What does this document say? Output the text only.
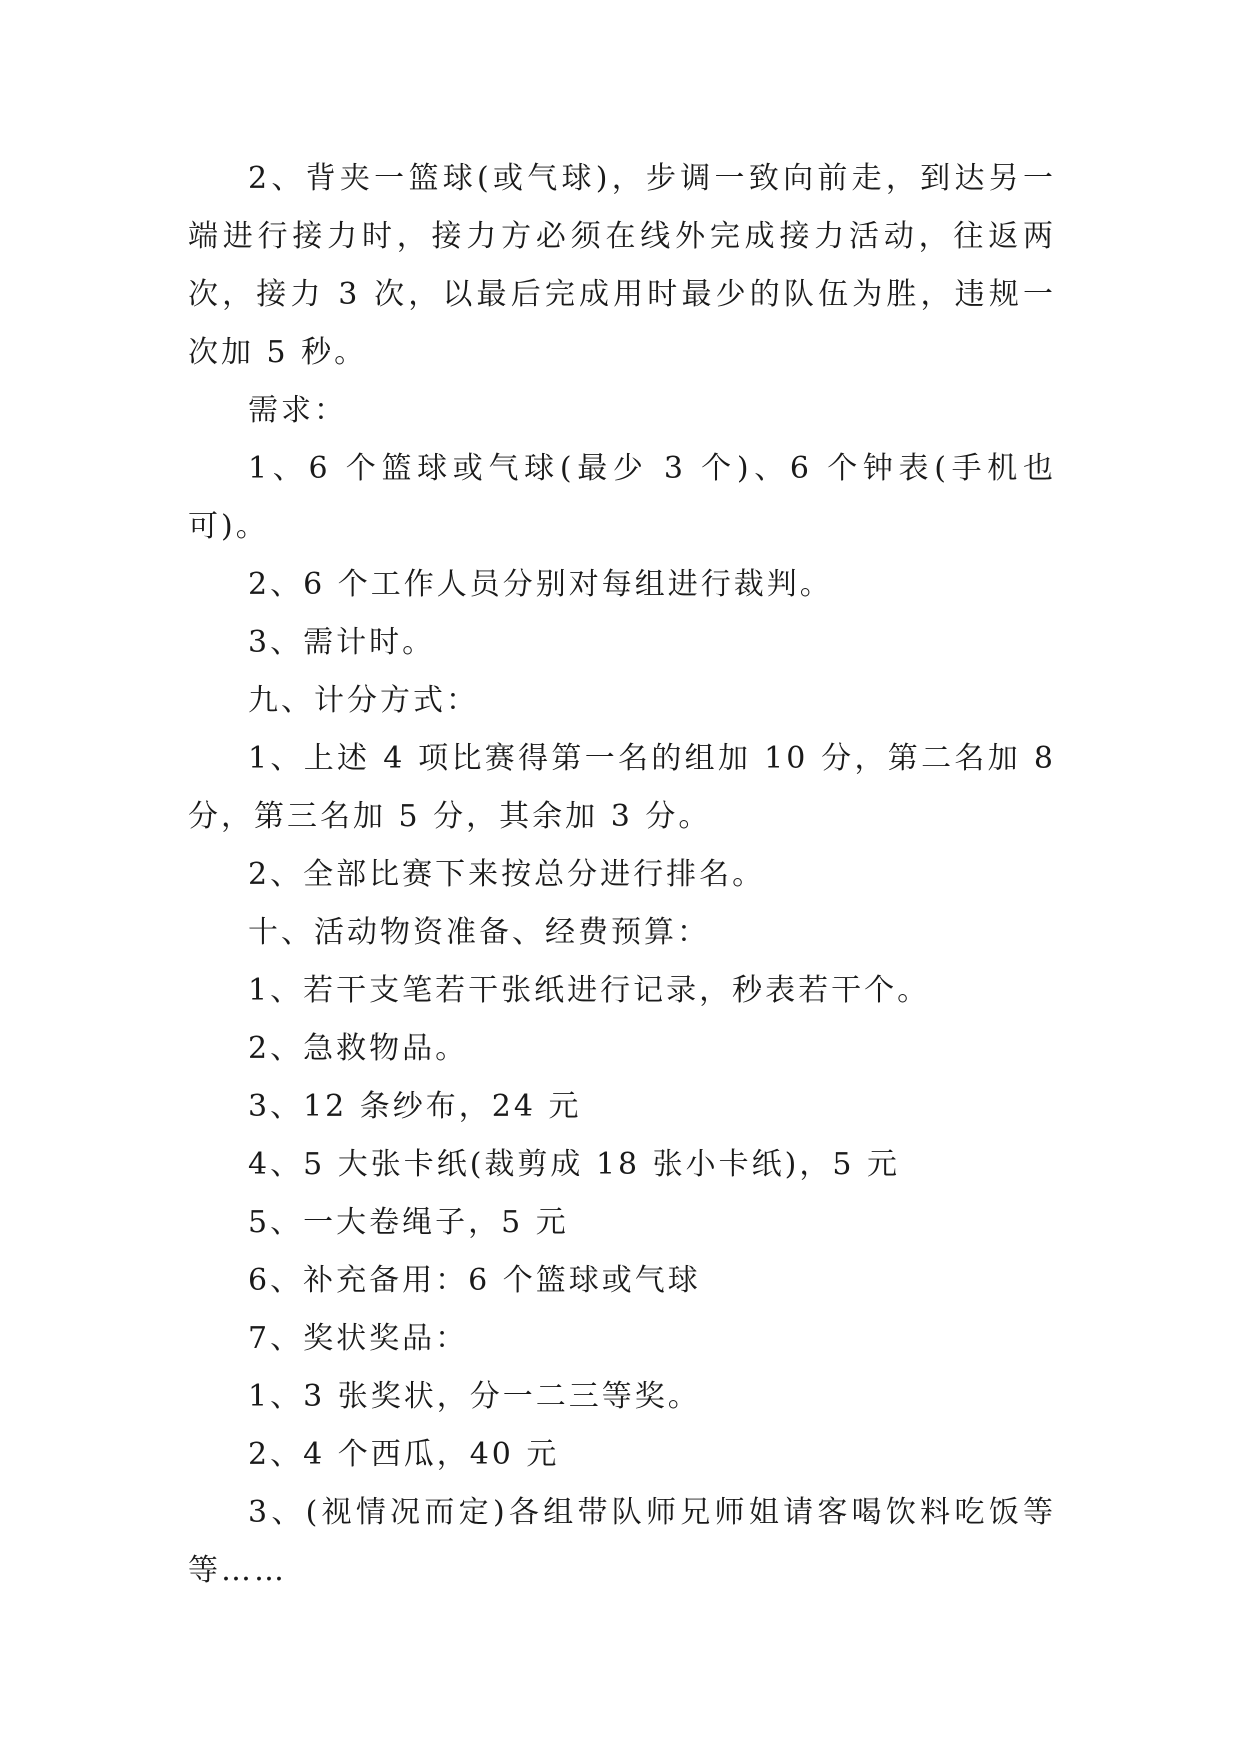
2、背夹一篮球(或气球)，步调一致向前走，到达另一端进行接力时，接力方必须在线外完成接力活动，往返两次，接力 3 次，以最后完成用时最少的队伍为胜，违规一次加 5 秒。

需求：

1、6 个篮球或气球(最少 3 个)、6 个钟表(手机也可)。

2、6 个工作人员分别对每组进行裁判。

3、需计时。

九、计分方式：

1、上述 4 项比赛得第一名的组加 10 分，第二名加 8 分，第三名加 5 分，其余加 3 分。

2、全部比赛下来按总分进行排名。

十、活动物资准备、经费预算：

1、若干支笔若干张纸进行记录，秒表若干个。

2、急救物品。

3、12 条纱布，24 元

4、5 大张卡纸(裁剪成 18 张小卡纸)，5 元

5、一大卷绳子，5 元

6、补充备用：6 个篮球或气球

7、奖状奖品：

1、3 张奖状，分一二三等奖。

2、4 个西瓜，40 元

3、(视情况而定)各组带队师兄师姐请客喝饮料吃饭等等……
